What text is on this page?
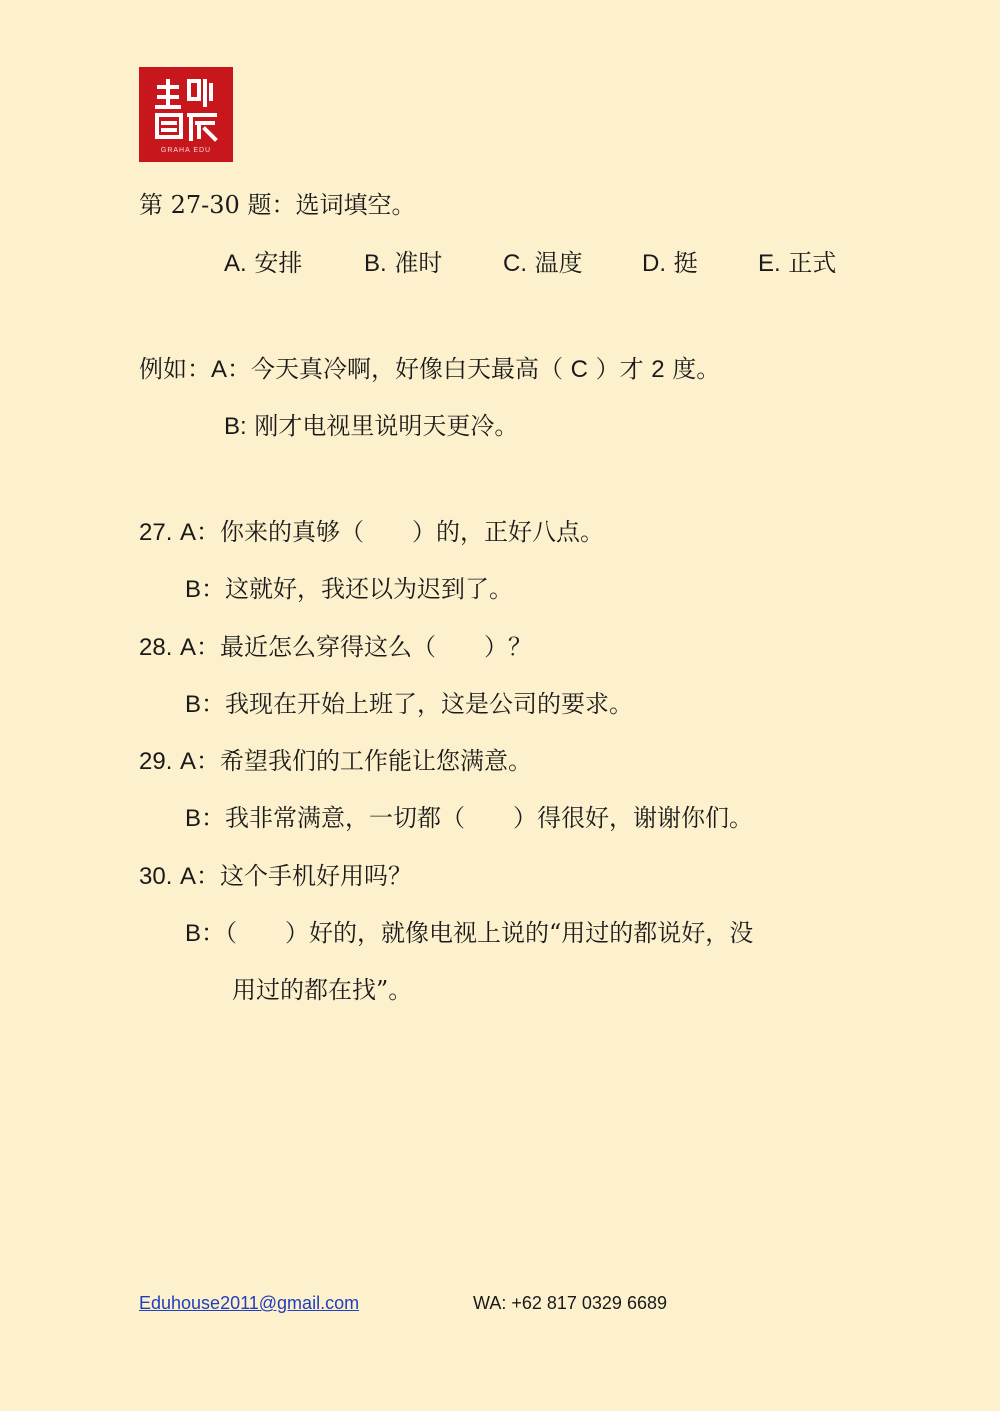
GRAHA EDU
第 27-30 题：选词填空。
A. 安排	B. 准时	C. 温度 D. 挺	E. 正式
例如：A：今天真冷啊，好像白天最高（ C ）才 2 度。
B: 刚才电视里说明天更冷。
27. A：你来的真够（　　）的，正好八点。
B：这就好，我还以为迟到了。
28. A：最近怎么穿得这么（　　）？
B：我现在开始上班了，这是公司的要求。
29. A：希望我们的工作能让您满意。
B：我非常满意，一切都（　　）得很好，谢谢你们。
30. A：这个手机好用吗？
B：（　　）好的，就像电视上说的“用过的都说好，没
用过的都在找”。
Eduhouse2011@gmail.com	WA: +62 817 0329 6689
